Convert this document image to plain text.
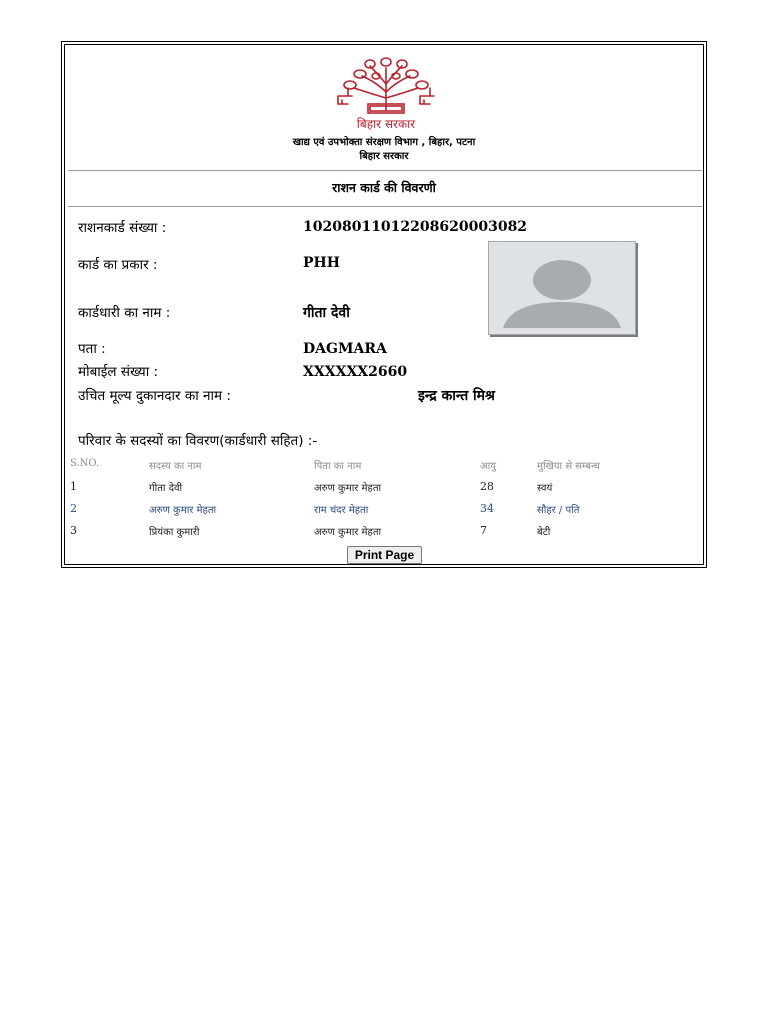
बिहार सरकार
खाद्य एवं उपभोक्ता संरक्षण विभाग , बिहार, पटना
बिहार सरकार
राशन कार्ड की विवरणी
राशनकार्ड संख्या :	10208011012208620003082
कार्ड का प्रकार :	PHH
कार्डधारी का नाम :	गीता देवी
पता :	DAGMARA
मोबाईल संख्या :	XXXXXX2660
उचित मूल्य दुकानदार का नाम :	इन्द्र कान्त मिश्र
परिवार के सदस्यों का विवरण(कार्डधारी सहित) :-
S.NO.	सदस्य का नाम	पिता का नाम	आयु	मुखिया से सम्बन्ध
1	गीता देवी	अरुण कुमार मेहता	28	स्वयं
2	अरुण कुमार मेहता	राम चंदर मेहता	34	सौहर / पति
3	प्रियंका कुमारी	अरुण कुमार मेहता	7	बेटी
Print Page
